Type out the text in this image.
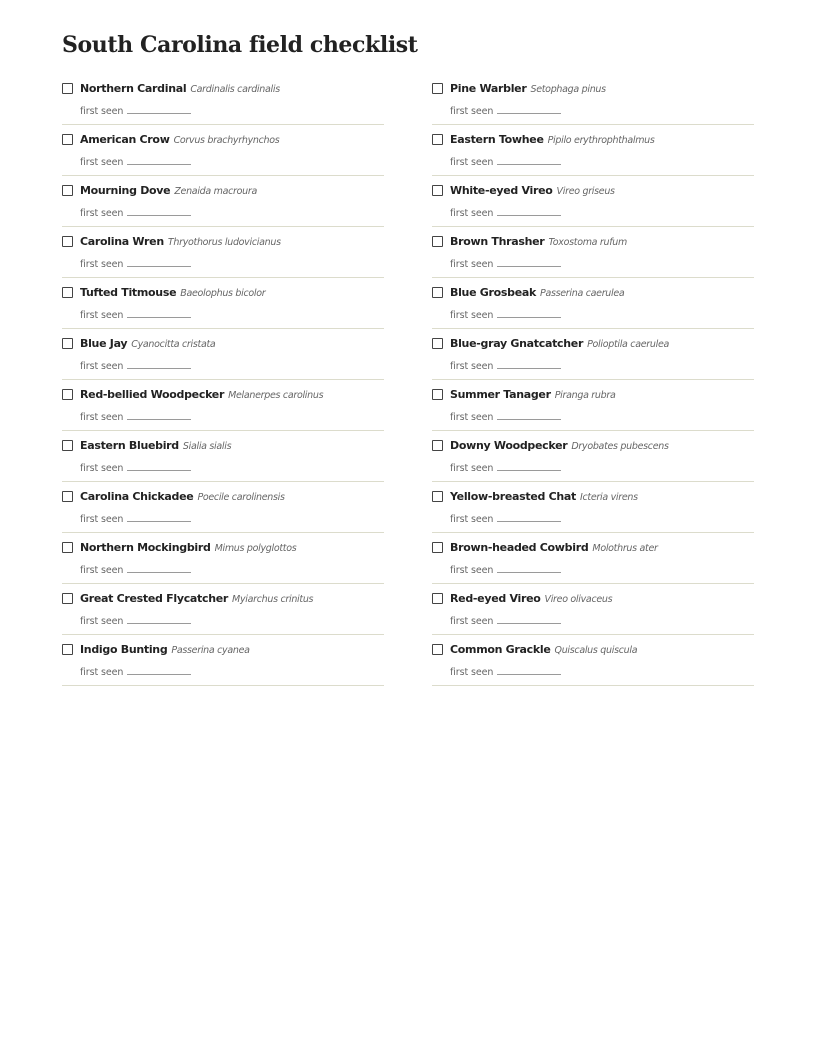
South Carolina field checklist
Northern Cardinal Cardinalis cardinalis
first seen
American Crow Corvus brachyrhynchos
first seen
Mourning Dove Zenaida macroura
first seen
Carolina Wren Thryothorus ludovicianus
first seen
Tufted Titmouse Baeolophus bicolor
first seen
Blue Jay Cyanocitta cristata
first seen
Red-bellied Woodpecker Melanerpes carolinus
first seen
Eastern Bluebird Sialia sialis
first seen
Carolina Chickadee Poecile carolinensis
first seen
Northern Mockingbird Mimus polyglottos
first seen
Great Crested Flycatcher Myiarchus crinitus
first seen
Indigo Bunting Passerina cyanea
first seen
Pine Warbler Setophaga pinus
first seen
Eastern Towhee Pipilo erythrophthalmus
first seen
White-eyed Vireo Vireo griseus
first seen
Brown Thrasher Toxostoma rufum
first seen
Blue Grosbeak Passerina caerulea
first seen
Blue-gray Gnatcatcher Polioptila caerulea
first seen
Summer Tanager Piranga rubra
first seen
Downy Woodpecker Dryobates pubescens
first seen
Yellow-breasted Chat Icteria virens
first seen
Brown-headed Cowbird Molothrus ater
first seen
Red-eyed Vireo Vireo olivaceus
first seen
Common Grackle Quiscalus quiscula
first seen
